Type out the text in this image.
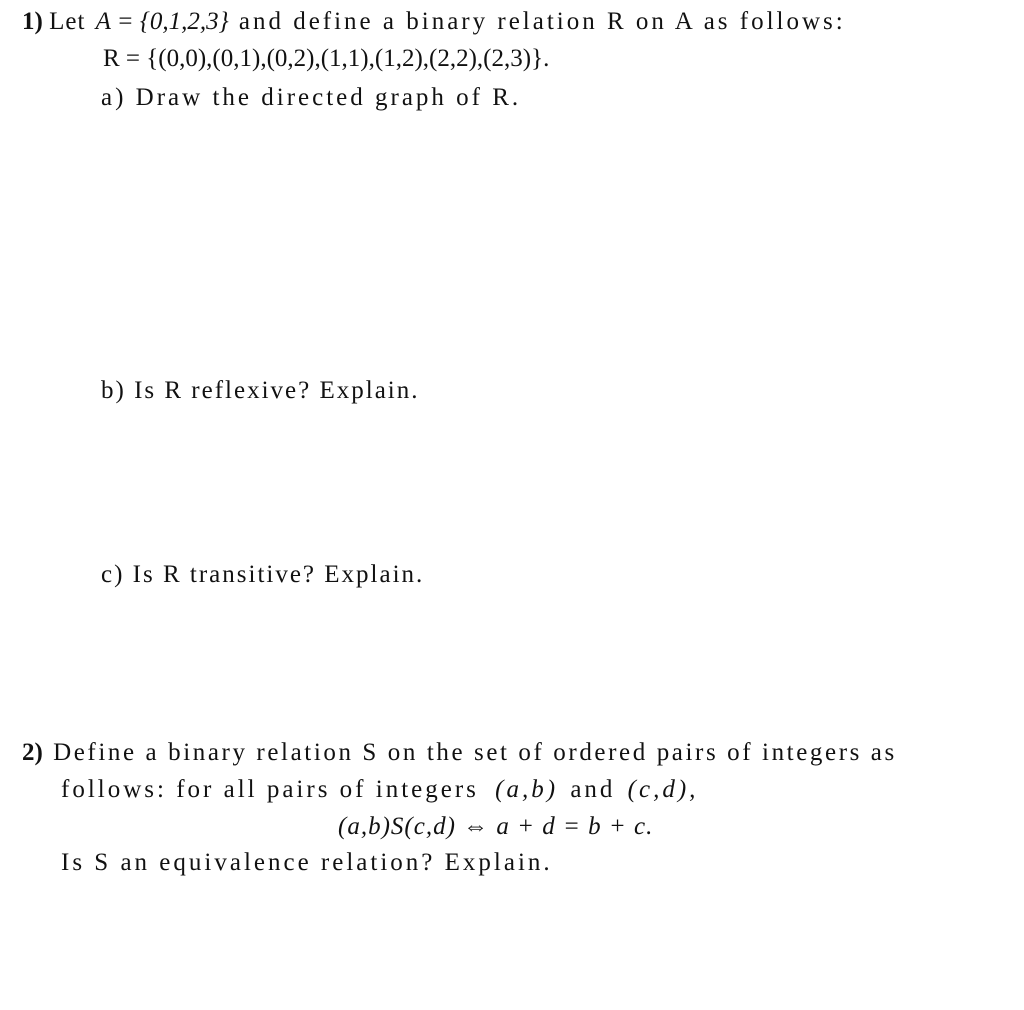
1) Let A = {0,1,2,3} and define a binary relation R on A as follows:
R = {(0,0),(0,1),(0,2),(1,1),(1,2),(2,2),(2,3)}.
a) Draw the directed graph of R.
b) Is R reflexive? Explain.
c) Is R transitive? Explain.
2) Define a binary relation S on the set of ordered pairs of integers as
follows: for all pairs of integers (a,b) and (c,d),
(a,b)S(c,d) ⇔ a + d = b + c.
Is S an equivalence relation? Explain.
